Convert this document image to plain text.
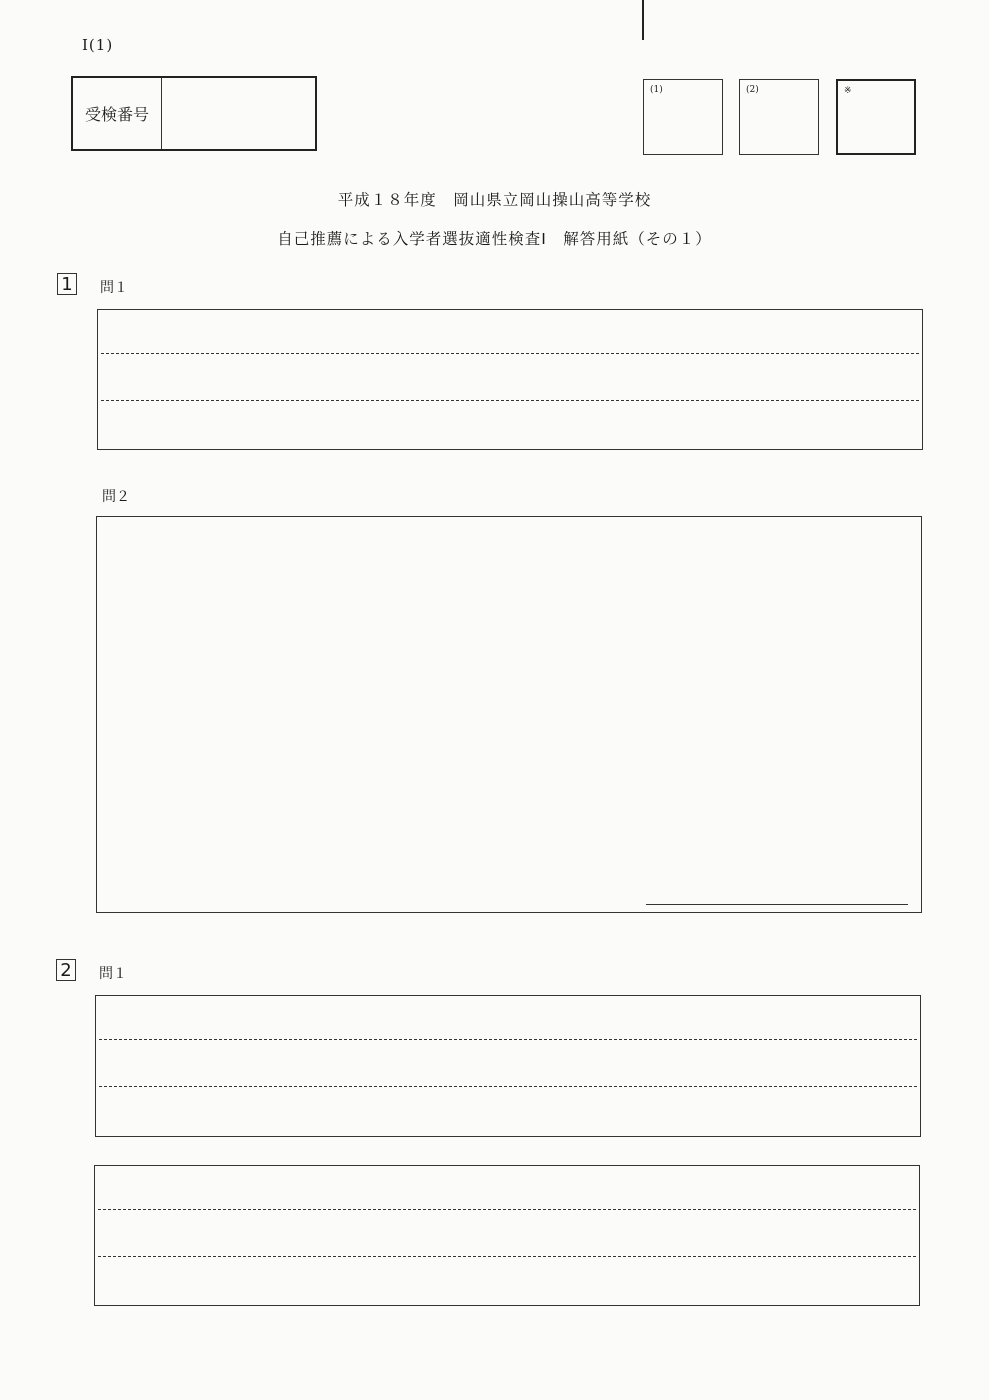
Ⅰ(1)
受検番号
(1)	(2)	※
平成１８年度　岡山県立岡山操山高等学校
自己推薦による入学者選抜適性検査Ⅰ　解答用紙（その１）
1	問１
問２
2	問１
